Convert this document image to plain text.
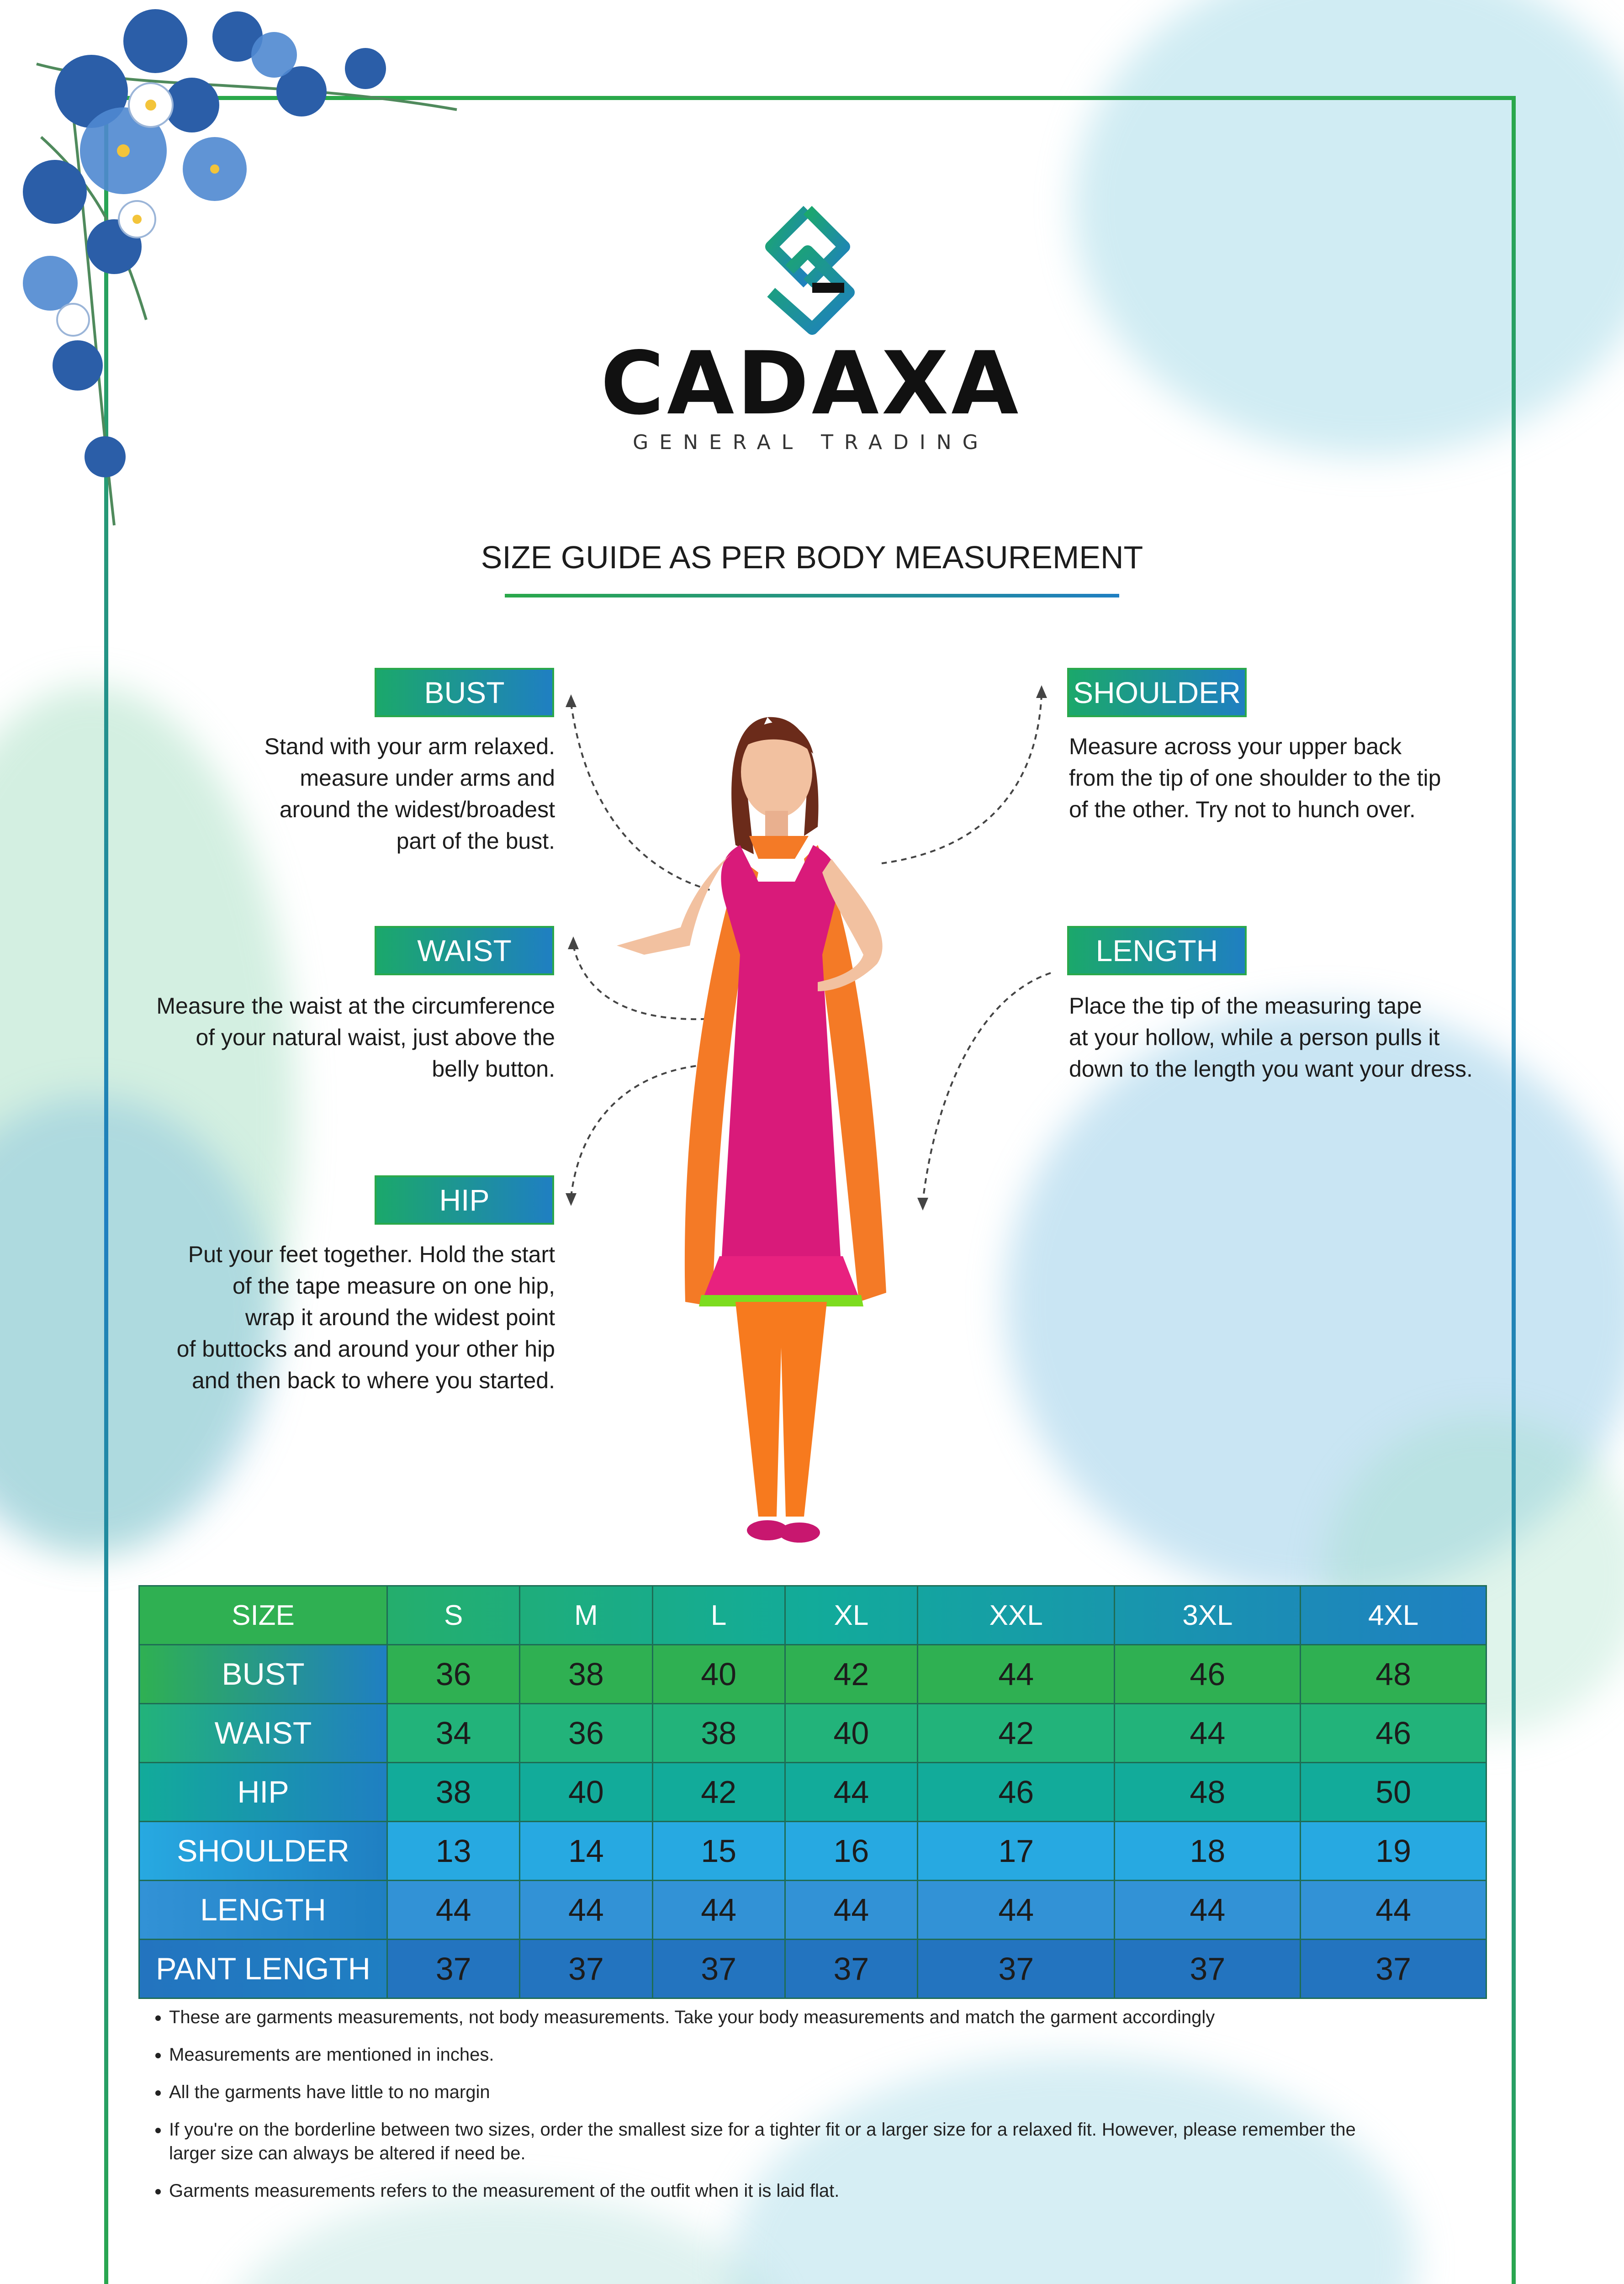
CADAXA
GENERAL TRADING
SIZE GUIDE AS PER BODY MEASUREMENT
BUST
Stand with your arm relaxed.
measure under arms and
around the widest/broadest
part of the bust.
WAIST
Measure the waist at the circumference
of your natural waist, just above the
belly button.
HIP
Put your feet together. Hold the start
of the tape measure on one hip,
wrap it around the widest point
of buttocks and around your other hip
and then back to where you started.
SHOULDER
Measure across your upper back
from the tip of one shoulder to the tip
of the other. Try not to hunch over.
LENGTH
Place the tip of the measuring tape
at your hollow, while a person pulls it
down to the length you want your dress.
SIZE	S	M	L	XL	XXL	3XL	4XL
BUST	36	38	40	42	44	46	48
WAIST	34	36	38	40	42	44	46
HIP	38	40	42	44	46	48	50
SHOULDER	13	14	15	16	17	18	19
LENGTH	44	44	44	44	44	44	44
PANT LENGTH	37	37	37	37	37	37	37
• These are garments measurements, not body measurements. Take your body measurements and match the garment accordingly
• Measurements are mentioned in inches.
• All the garments have little to no margin
• If you're on the borderline between two sizes, order the smallest size for a tighter fit or a larger size for a relaxed fit. However, please remember the larger size can always be altered if need be.
• Garments measurements refers to the measurement of the outfit when it is laid flat.
